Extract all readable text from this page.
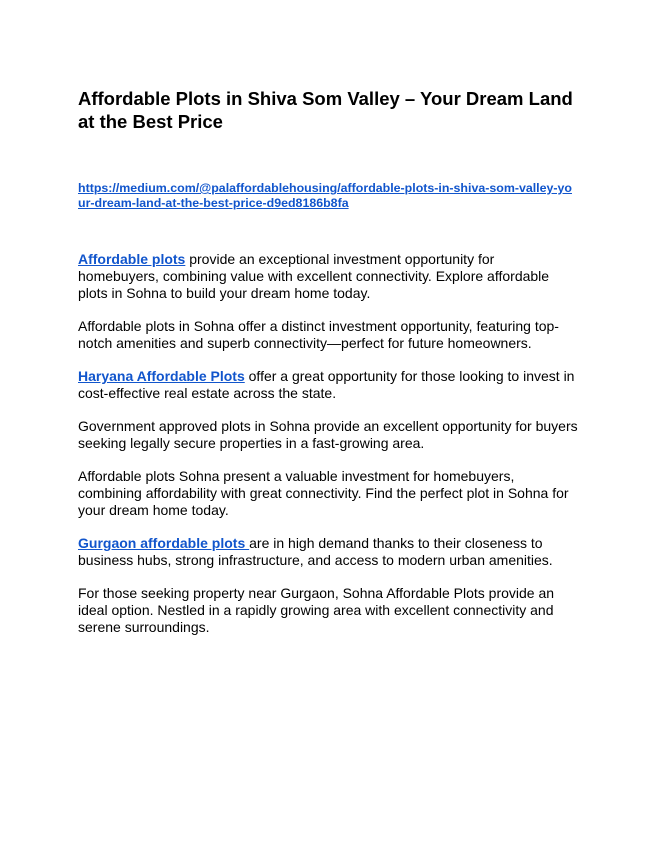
Affordable Plots in Shiva Som Valley – Your Dream Land at the Best Price
https://medium.com/@palaffordablehousing/affordable-plots-in-shiva-som-valley-your-dream-land-at-the-best-price-d9ed8186b8fa

Affordable plots provide an exceptional investment opportunity for homebuyers, combining value with excellent connectivity. Explore affordable plots in Sohna to build your dream home today.

Affordable plots in Sohna offer a distinct investment opportunity, featuring top-notch amenities and superb connectivity—perfect for future homeowners.

Haryana Affordable Plots offer a great opportunity for those looking to invest in cost-effective real estate across the state.

Government approved plots in Sohna provide an excellent opportunity for buyers seeking legally secure properties in a fast-growing area.

Affordable plots Sohna present a valuable investment for homebuyers, combining affordability with great connectivity. Find the perfect plot in Sohna for your dream home today.

Gurgaon affordable plots are in high demand thanks to their closeness to business hubs, strong infrastructure, and access to modern urban amenities.

For those seeking property near Gurgaon, Sohna Affordable Plots provide an ideal option. Nestled in a rapidly growing area with excellent connectivity and serene surroundings.
